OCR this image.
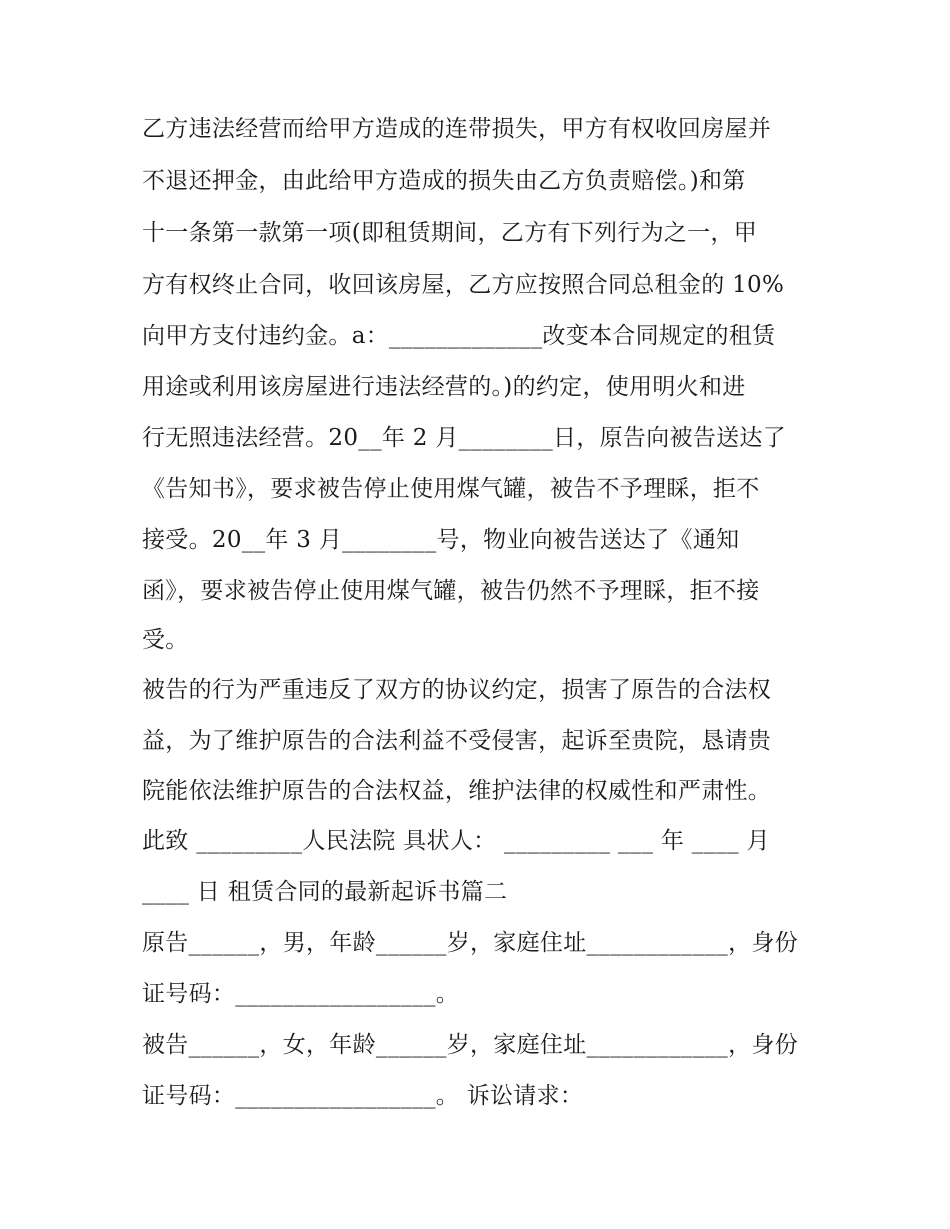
乙方违法经营而给甲方造成的连带损失，甲方有权收回房屋并
不退还押金，由此给甲方造成的损失由乙方负责赔偿。)和第
十一条第一款第一项(即租赁期间，乙方有下列行为之一，甲
方有权终止合同，收回该房屋，乙方应按照合同总租金的 10%
向甲方支付违约金。a：_____________改变本合同规定的租赁
用途或利用该房屋进行违法经营的。)的约定，使用明火和进
行无照违法经营。20__年 2 月________日，原告向被告送达了
《告知书》，要求被告停止使用煤气罐，被告不予理睬，拒不
接受。20__年 3 月________号，物业向被告送达了《通知
函》，要求被告停止使用煤气罐，被告仍然不予理睬，拒不接
受。
被告的行为严重违反了双方的协议约定，损害了原告的合法权
益，为了维护原告的合法利益不受侵害，起诉至贵院，恳请贵
院能依法维护原告的合法权益，维护法律的权威性和严肃性。
此致 _________人民法院 具状人： _________ ___ 年 ____ 月
____ 日 租赁合同的最新起诉书篇二
原告______，男，年龄______岁，家庭住址____________，身份
证号码：_________________。
被告______，女，年龄______岁，家庭住址____________，身份
证号码：_________________。 诉讼请求：
